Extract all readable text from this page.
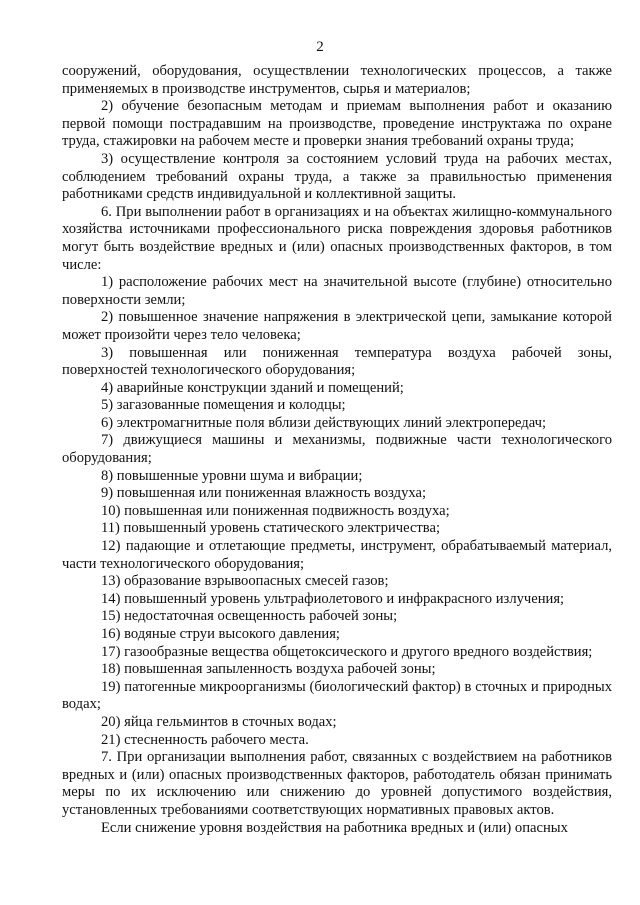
2

сооружений, оборудования, осуществлении технологических процессов, а также применяемых в производстве инструментов, сырья и материалов;

2) обучение безопасным методам и приемам выполнения работ и оказанию первой помощи пострадавшим на производстве, проведение инструктажа по охране труда, стажировки на рабочем месте и проверки знания требований охраны труда;

3) осуществление контроля за состоянием условий труда на рабочих местах, соблюдением требований охраны труда, а также за правильностью применения работниками средств индивидуальной и коллективной защиты.

6. При выполнении работ в организациях и на объектах жилищно-коммунального хозяйства источниками профессионального риска повреждения здоровья работников могут быть воздействие вредных и (или) опасных производственных факторов, в том числе:

1) расположение рабочих мест на значительной высоте (глубине) относительно поверхности земли;

2) повышенное значение напряжения в электрической цепи, замыкание которой может произойти через тело человека;

3) повышенная или пониженная температура воздуха рабочей зоны, поверхностей технологического оборудования;

4) аварийные конструкции зданий и помещений;

5) загазованные помещения и колодцы;

6) электромагнитные поля вблизи действующих линий электропередач;

7) движущиеся машины и механизмы, подвижные части технологического оборудования;

8) повышенные уровни шума и вибрации;

9) повышенная или пониженная влажность воздуха;

10) повышенная или пониженная подвижность воздуха;

11) повышенный уровень статического электричества;

12) падающие и отлетающие предметы, инструмент, обрабатываемый материал, части технологического оборудования;

13) образование взрывоопасных смесей газов;

14) повышенный уровень ультрафиолетового и инфракрасного излучения;

15) недостаточная освещенность рабочей зоны;

16) водяные струи высокого давления;

17) газообразные вещества общетоксического и другого вредного воздействия;

18) повышенная запыленность воздуха рабочей зоны;

19) патогенные микроорганизмы (биологический фактор) в сточных и природных водах;

20) яйца гельминтов в сточных водах;

21) стесненность рабочего места.

7. При организации выполнения работ, связанных с воздействием на работников вредных и (или) опасных производственных факторов, работодатель обязан принимать меры по их исключению или снижению до уровней допустимого воздействия, установленных требованиями соответствующих нормативных правовых актов.

Если снижение уровня воздействия на работника вредных и (или) опасных
